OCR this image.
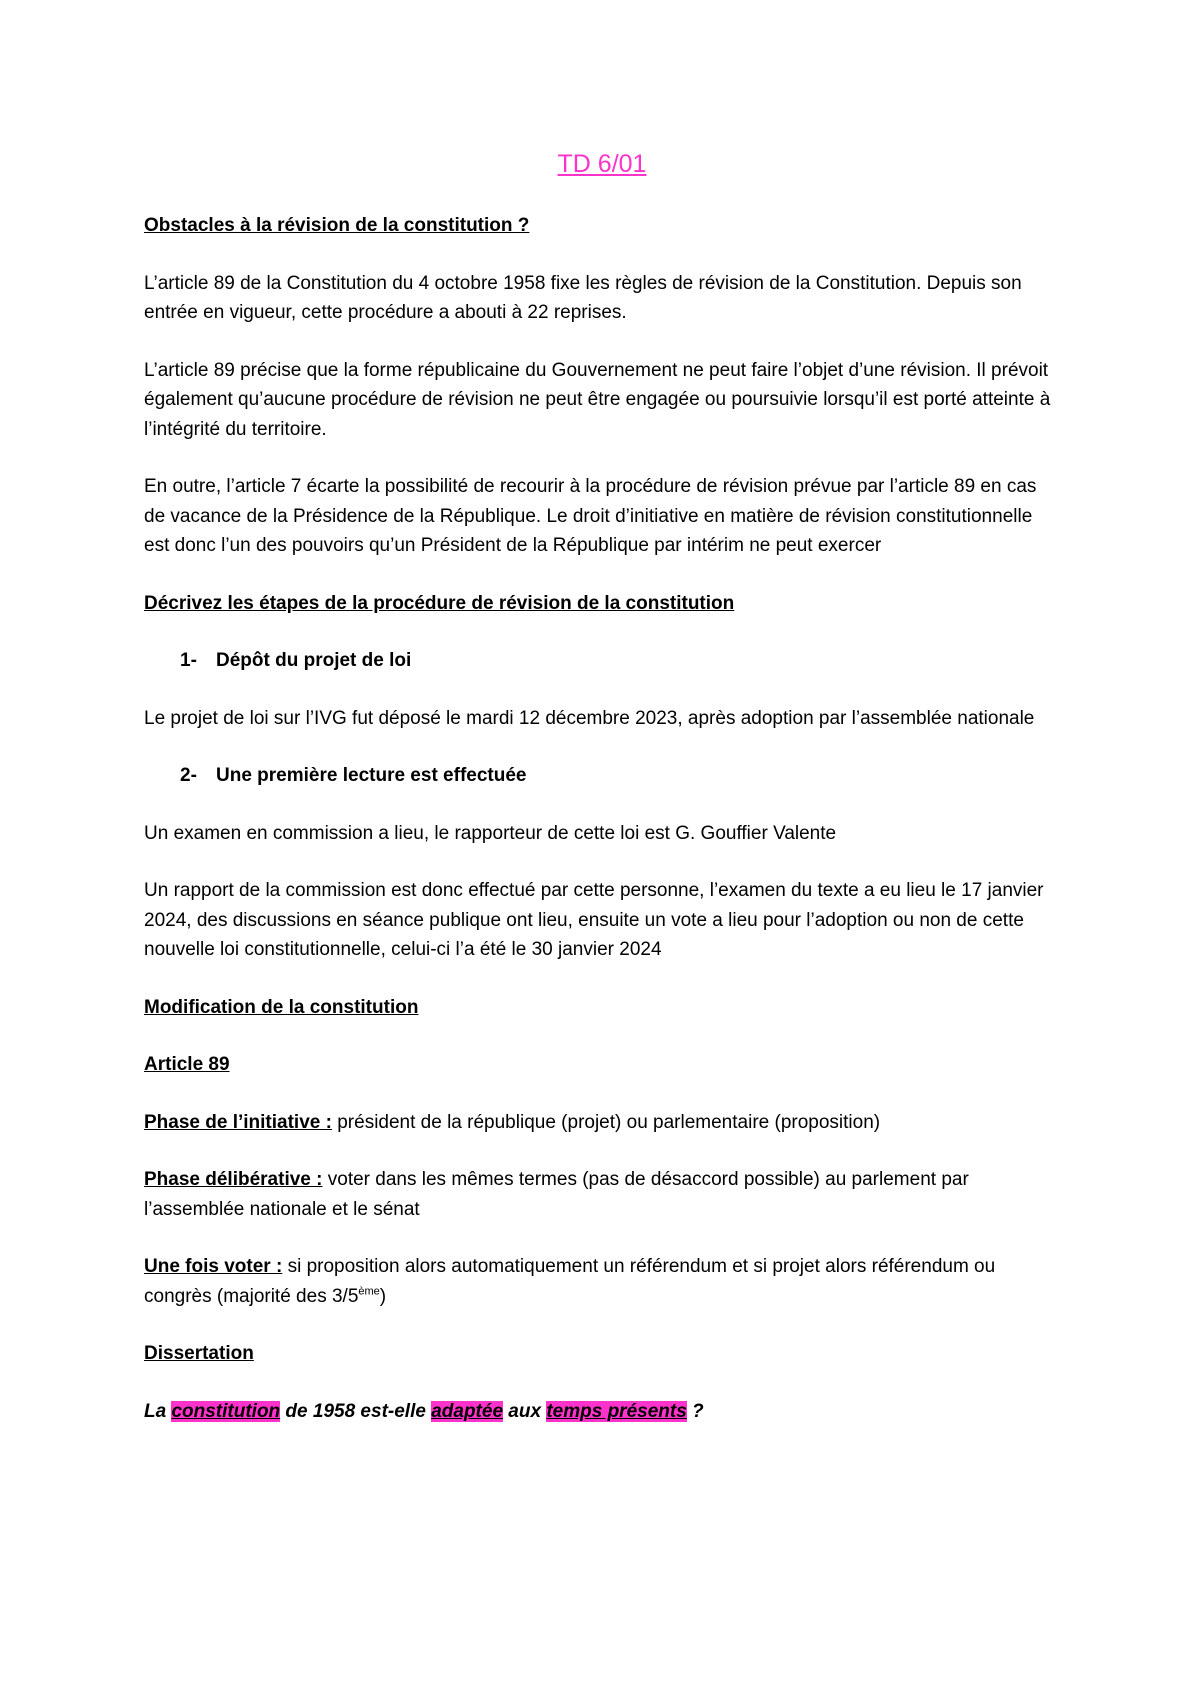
TD 6/01

Obstacles à la révision de la constitution ?

L’article 89 de la Constitution du 4 octobre 1958 fixe les règles de révision de la Constitution. Depuis son entrée en vigueur, cette procédure a abouti à 22 reprises.

L’article 89 précise que la forme républicaine du Gouvernement ne peut faire l’objet d’une révision. Il prévoit également qu’aucune procédure de révision ne peut être engagée ou poursuivie lorsqu’il est porté atteinte à l’intégrité du territoire.

En outre, l’article 7 écarte la possibilité de recourir à la procédure de révision prévue par l’article 89 en cas de vacance de la Présidence de la République. Le droit d’initiative en matière de révision constitutionnelle est donc l’un des pouvoirs qu’un Président de la République par intérim ne peut exercer

Décrivez les étapes de la procédure de révision de la constitution

1-	Dépôt du projet de loi

Le projet de loi sur l’IVG fut déposé le mardi 12 décembre 2023, après adoption par l’assemblée nationale

2-	Une première lecture est effectuée

Un examen en commission a lieu, le rapporteur de cette loi est G. Gouffier Valente

Un rapport de la commission est donc effectué par cette personne, l’examen du texte a eu lieu le 17 janvier 2024, des discussions en séance publique ont lieu, ensuite un vote a lieu pour l’adoption ou non de cette nouvelle loi constitutionnelle, celui-ci l’a été le 30 janvier 2024

Modification de la constitution

Article 89

Phase de l’initiative : président de la république (projet) ou parlementaire (proposition)

Phase délibérative : voter dans les mêmes termes (pas de désaccord possible) au parlement par l’assemblée nationale et le sénat

Une fois voter : si proposition alors automatiquement un référendum et si projet alors référendum ou congrès (majorité des 3/5ème)

Dissertation

La constitution de 1958 est-elle adaptée aux temps présents ?
